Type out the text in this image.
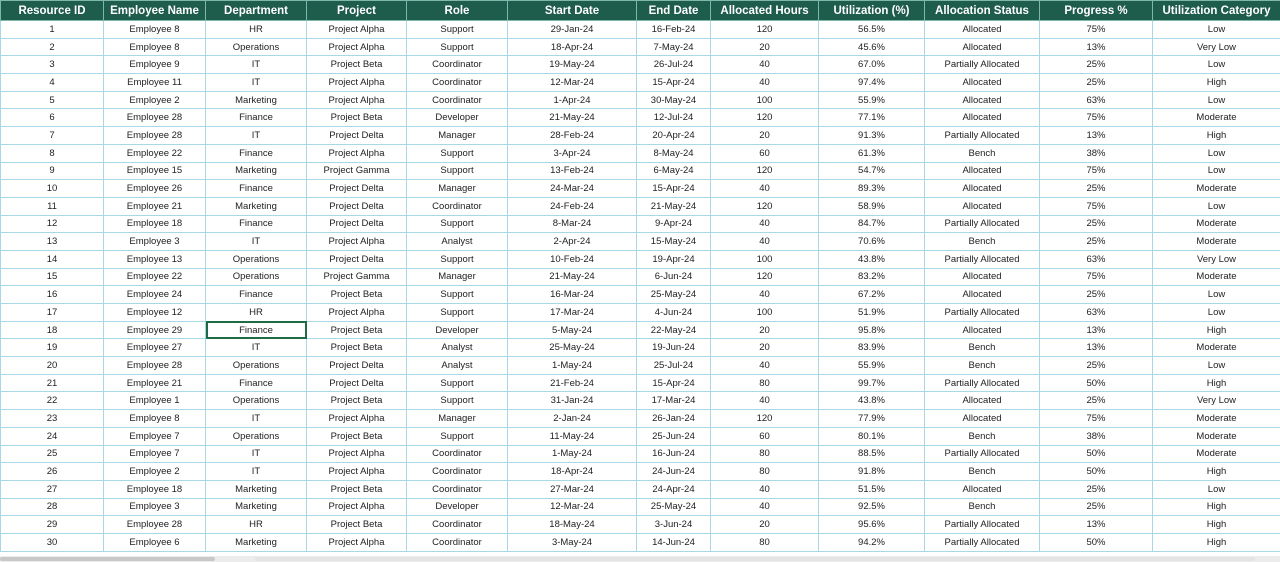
Resource ID	Employee Name	Department	Project	Role	Start Date	End Date	Allocated Hours	Utilization (%)	Allocation Status	Progress %	Utilization Category
1	Employee 8	HR	Project Alpha	Support	29-Jan-24	16-Feb-24	120	56.5%	Allocated	75%	Low
2	Employee 8	Operations	Project Alpha	Support	18-Apr-24	7-May-24	20	45.6%	Allocated	13%	Very Low
3	Employee 9	IT	Project Beta	Coordinator	19-May-24	26-Jul-24	40	67.0%	Partially Allocated	25%	Low
4	Employee 11	IT	Project Alpha	Coordinator	12-Mar-24	15-Apr-24	40	97.4%	Allocated	25%	High
5	Employee 2	Marketing	Project Alpha	Coordinator	1-Apr-24	30-May-24	100	55.9%	Allocated	63%	Low
6	Employee 28	Finance	Project Beta	Developer	21-May-24	12-Jul-24	120	77.1%	Allocated	75%	Moderate
7	Employee 28	IT	Project Delta	Manager	28-Feb-24	20-Apr-24	20	91.3%	Partially Allocated	13%	High
8	Employee 22	Finance	Project Alpha	Support	3-Apr-24	8-May-24	60	61.3%	Bench	38%	Low
9	Employee 15	Marketing	Project Gamma	Support	13-Feb-24	6-May-24	120	54.7%	Allocated	75%	Low
10	Employee 26	Finance	Project Delta	Manager	24-Mar-24	15-Apr-24	40	89.3%	Allocated	25%	Moderate
11	Employee 21	Marketing	Project Delta	Coordinator	24-Feb-24	21-May-24	120	58.9%	Allocated	75%	Low
12	Employee 18	Finance	Project Delta	Support	8-Mar-24	9-Apr-24	40	84.7%	Partially Allocated	25%	Moderate
13	Employee 3	IT	Project Alpha	Analyst	2-Apr-24	15-May-24	40	70.6%	Bench	25%	Moderate
14	Employee 13	Operations	Project Delta	Support	10-Feb-24	19-Apr-24	100	43.8%	Partially Allocated	63%	Very Low
15	Employee 22	Operations	Project Gamma	Manager	21-May-24	6-Jun-24	120	83.2%	Allocated	75%	Moderate
16	Employee 24	Finance	Project Beta	Support	16-Mar-24	25-May-24	40	67.2%	Allocated	25%	Low
17	Employee 12	HR	Project Alpha	Support	17-Mar-24	4-Jun-24	100	51.9%	Partially Allocated	63%	Low
18	Employee 29	Finance	Project Beta	Developer	5-May-24	22-May-24	20	95.8%	Allocated	13%	High
19	Employee 27	IT	Project Beta	Analyst	25-May-24	19-Jun-24	20	83.9%	Bench	13%	Moderate
20	Employee 28	Operations	Project Delta	Analyst	1-May-24	25-Jul-24	40	55.9%	Bench	25%	Low
21	Employee 21	Finance	Project Delta	Support	21-Feb-24	15-Apr-24	80	99.7%	Partially Allocated	50%	High
22	Employee 1	Operations	Project Beta	Support	31-Jan-24	17-Mar-24	40	43.8%	Allocated	25%	Very Low
23	Employee 8	IT	Project Alpha	Manager	2-Jan-24	26-Jan-24	120	77.9%	Allocated	75%	Moderate
24	Employee 7	Operations	Project Beta	Support	11-May-24	25-Jun-24	60	80.1%	Bench	38%	Moderate
25	Employee 7	IT	Project Alpha	Coordinator	1-May-24	16-Jun-24	80	88.5%	Partially Allocated	50%	Moderate
26	Employee 2	IT	Project Alpha	Coordinator	18-Apr-24	24-Jun-24	80	91.8%	Bench	50%	High
27	Employee 18	Marketing	Project Beta	Coordinator	27-Mar-24	24-Apr-24	40	51.5%	Allocated	25%	Low
28	Employee 3	Marketing	Project Alpha	Developer	12-Mar-24	25-May-24	40	92.5%	Bench	25%	High
29	Employee 28	HR	Project Beta	Coordinator	18-May-24	3-Jun-24	20	95.6%	Partially Allocated	13%	High
30	Employee 6	Marketing	Project Alpha	Coordinator	3-May-24	14-Jun-24	80	94.2%	Partially Allocated	50%	High
